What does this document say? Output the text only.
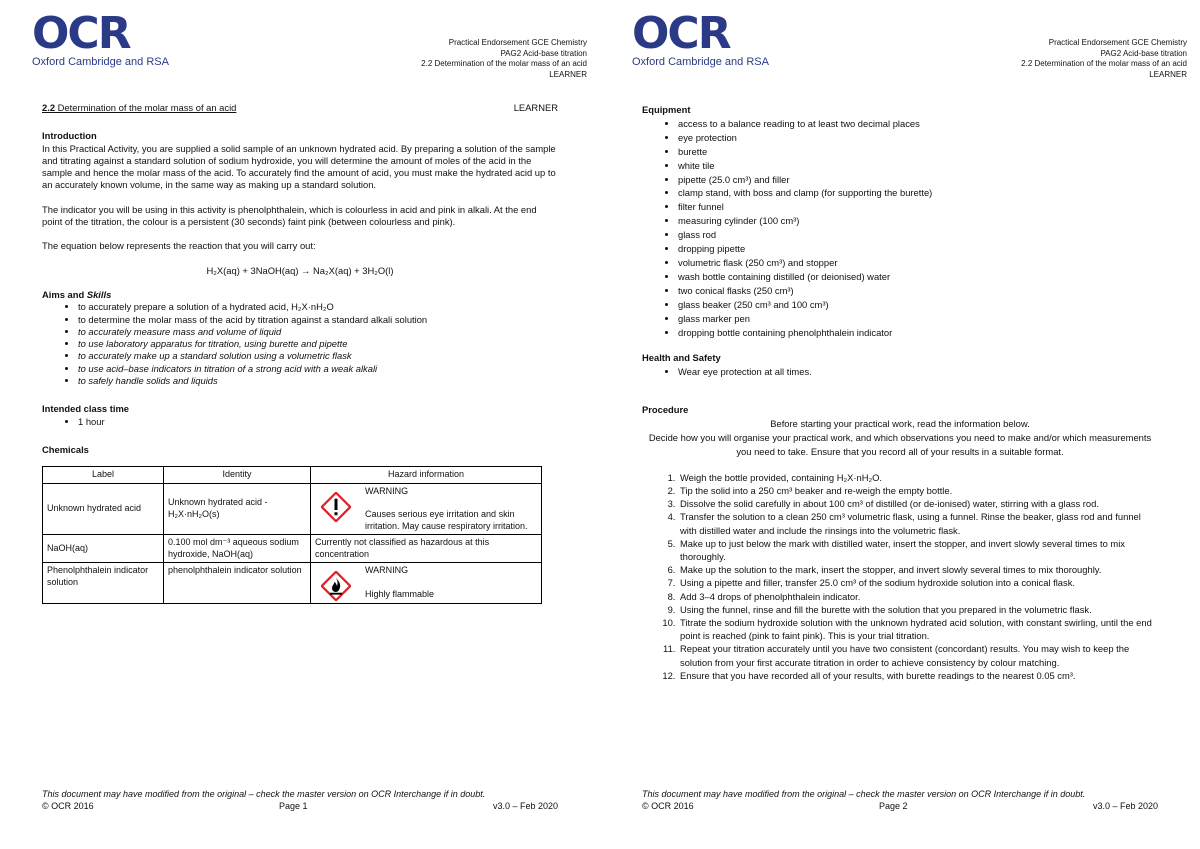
OCR
Oxford Cambridge and RSA
Practical Endorsement GCE Chemistry
PAG2 Acid-base titration
2.2 Determination of the molar mass of an acid
LEARNER
2.2 Determination of the molar mass of an acid	LEARNER

Introduction

In this Practical Activity, you are supplied a solid sample of an unknown hydrated acid. By preparing a solution of the sample and titrating against a standard solution of sodium hydroxide, you will determine the amount of moles of the acid in the sample and hence the molar mass of the acid. To accurately find the amount of acid, you must make the hydrated acid up to an accurately known volume, in the same way as making up a standard solution.

The indicator you will be using in this activity is phenolphthalein, which is colourless in acid and pink in alkali. At the end point of the titration, the colour is a persistent (30 seconds) faint pink (between colourless and pink).

The equation below represents the reaction that you will carry out:

H₂X(aq) + 3NaOH(aq) → Na₂X(aq) + 3H₂O(l)

Aims and Skills

• to accurately prepare a solution of a hydrated acid, H₂X·nH₂O
• to determine the molar mass of the acid by titration against a standard alkali solution
• to accurately measure mass and volume of liquid
• to use laboratory apparatus for titration, using burette and pipette
• to accurately make up a standard solution using a volumetric flask
• to use acid–base indicators in titration of a strong acid with a weak alkali
• to safely handle solids and liquids

Intended class time

• 1 hour

Chemicals

Label	Identity	Hazard information
Unknown hydrated acid	Unknown hydrated acid - H₂X·nH₂O(s)	WARNING
Causes serious eye irritation and skin irritation. May cause respiratory irritation.

NaOH(aq)	0.100 mol dm⁻³ aqueous sodium hydroxide, NaOH(aq)	Currently not classified as hazardous at this concentration
Phenolphthalein indicator solution	phenolphthalein indicator solution	WARNING
Highly flammable
This document may have modified from the original – check the master version on OCR Interchange if in doubt.
© OCR 2016	Page 1	v3.0 – Feb 2020
OCR
Oxford Cambridge and RSA
Practical Endorsement GCE Chemistry
PAG2 Acid-base titration
2.2 Determination of the molar mass of an acid
LEARNER

Equipment

• access to a balance reading to at least two decimal places
• eye protection
• burette
• white tile
• pipette (25.0 cm³) and filler
• clamp stand, with boss and clamp (for supporting the burette)
• filter funnel
• measuring cylinder (100 cm³)
• glass rod
• dropping pipette
• volumetric flask (250 cm³) and stopper
• wash bottle containing distilled (or deionised) water
• two conical flasks (250 cm³)
• glass beaker (250 cm³ and 100 cm³)
• glass marker pen
• dropping bottle containing phenolphthalein indicator

Health and Safety

• Wear eye protection at all times.

Procedure

Before starting your practical work, read the information below.

Decide how you will organise your practical work, and which observations you need to make and/or which measurements you need to take. Ensure that you record all of your results in a suitable format.

1. Weigh the bottle provided, containing H₂X·nH₂O.
2. Tip the solid into a 250 cm³ beaker and re-weigh the empty bottle.
3. Dissolve the solid carefully in about 100 cm³ of distilled (or de-ionised) water, stirring with a glass rod.
4. Transfer the solution to a clean 250 cm³ volumetric flask, using a funnel. Rinse the beaker, glass rod and funnel with distilled water and include the rinsings into the volumetric flask.
5. Make up to just below the mark with distilled water, insert the stopper, and invert slowly several times to mix thoroughly.
6. Make up the solution to the mark, insert the stopper, and invert slowly several times to mix thoroughly.
7. Using a pipette and filler, transfer 25.0 cm³ of the sodium hydroxide solution into a conical flask.
8. Add 3–4 drops of phenolphthalein indicator.
9. Using the funnel, rinse and fill the burette with the solution that you prepared in the volumetric flask.
10. Titrate the sodium hydroxide solution with the unknown hydrated acid solution, with constant swirling, until the end point is reached (pink to faint pink). This is your trial titration.
11. Repeat your titration accurately until you have two consistent (concordant) results. You may wish to keep the solution from your first accurate titration in order to achieve consistency by colour matching.
12. Ensure that you have recorded all of your results, with burette readings to the nearest 0.05 cm³.
This document may have modified from the original – check the master version on OCR Interchange if in doubt.
© OCR 2016	Page 2	v3.0 – Feb 2020
